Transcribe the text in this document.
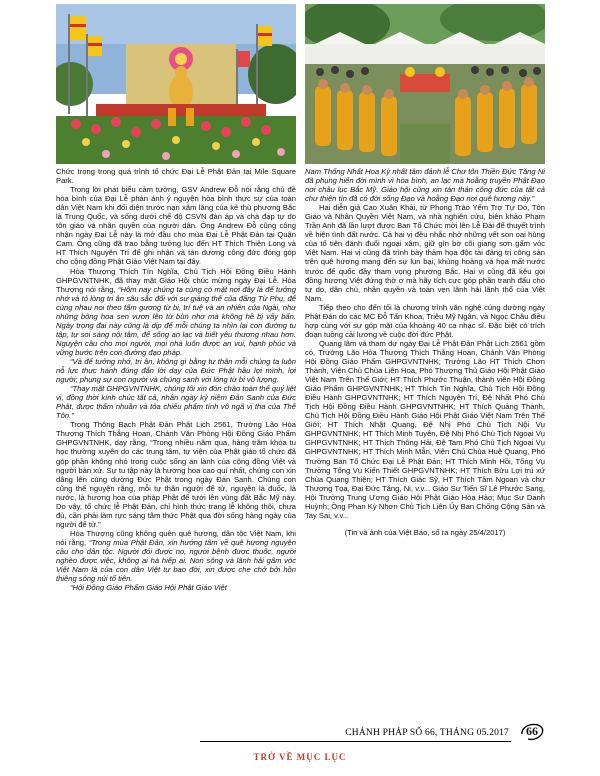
Chức trọng trong quá trình tổ chức Đại Lễ Phật Đản tại Mile Square Park.

Trong lời phát biểu cảm tưởng, GSV Andrew Đỗ nói rằng chủ đề hòa bình của Đại Lễ phản ánh ý nguyện hòa bình thực sự của toàn dân Việt Nam khi đối diện trước nạn xâm lăng của kẻ thù phương Bắc là Trung Quốc, và sống dưới chế độ CSVN đàn áp và chà đạp tự do tôn giáo và nhân quyền của người dân. Ông Andrew Đỗ cũng công nhận ngày Đại Lễ này là mở đầu cho mùa Đại Lễ Phật Đản tại Quận Cam. Ông cũng đã trao bằng tưởng lục đến HT Thích Thiện Long và HT Thích Nguyên Trí để ghi nhận và tán dương công đức đóng góp cho cộng đồng Phật Giáo Việt Nam tại đây.

Hòa Thượng Thích Tín Nghĩa, Chủ Tịch Hội Đồng Điều Hành GHPGVNTNHK, đã thay mặt Giáo Hội chúc mừng ngày Đại Lễ. Hòa Thượng nói rằng, “Hôm nay chúng ta cùng có mặt nơi đây là để tưởng nhớ và tỏ lòng tri ân sâu sắc đối với sự giáng thế của đấng Từ Phụ, để cùng nhau noi theo tấm gương từ bi, trí tuệ và an nhiên của Ngài, như những bông hoa sen vươn lên từ bùn nhơ mà không hề bị vấy bẩn. Ngày trọng đại này cũng là dịp để mỗi chúng ta nhìn lại con đường tu tập, tự soi sáng nội tâm, để sống an lạc và biết yêu thương nhau hơn. Nguyện cầu cho mọi người, mọi nhà luôn được an vui, hạnh phúc và vững bước trên con đường đạo pháp.

“Và để tưởng nhớ, tri ân, không gì bằng tư thân mỗi chúng ta luôn nỗ lực thực hành đúng đắn lời dạy của Đức Phật hầu lợi mình, lợi người; phụng sự con người và chúng sanh với lòng từ bi vô lượng.

“Thay mặt GHPGVNTNHK, chúng tôi xin đón chào toàn thể quý liệt vị, đồng thời kính chúc tất cả, nhân ngày kỷ niệm Đản Sanh của Đức Phật, được thấm nhuần và tỏa chiếu phẩm tính vô ngã vị tha của Thế Tôn.”

Trong Thông Bạch Phật Đản Phật Lịch 2561, Trưởng Lão Hòa Thượng Thích Thắng Hoan, Chánh Văn Phòng Hội Đồng Giáo Phẩm GHPGVNTNHK, dạy rằng, “Trong nhiều năm qua, hàng trăm khóa tu học thường xuyên do các trung tâm, tự viện của Phật giáo tổ chức đã góp phần không nhỏ trong cuộc sống an lành của cộng đồng Việt và người bản xứ. Sự tu tập này là hương hoa cao quí nhất, chúng con xin dâng lên cúng dường Đức Phật trong ngày Đản Sanh. Chúng con cũng thể nguyện rằng, mỗi tự thân người để tử, nguyện là đuốc, là nước, là hương hoa của pháp Phật để tưới lên vùng đất Bắc Mỹ này. Do vậy, tổ chức lễ Phật Đản, chỉ hình thức trang lễ không thôi, chưa đủ, cần phải làm rực sáng tâm thức Phật qua đời sống hàng ngày của người để tử.”

Hòa Thượng cũng không quên quê hương, dân tộc Việt Nam, khi nói rằng, “Trong mùa Phật Đản, xin hướng tâm về quê hương nguyện cầu cho dân tộc. Người đói được no, người bệnh được thuốc, người nghèo được việc, không ai hà hiếp ai. Non sông và lãnh hải gấm vóc Việt Nam là của con dân Việt tự bao đời, xin được che chở bởi hồn thiêng sông núi tổ tiên.

“Hội Đồng Giáo Phẩm Giáo Hội Phật Giáo Việt

Nam Thống Nhất Hoa Kỳ nhất tâm đảnh lễ Chư tôn Thiền Đức Tăng Ni đã phụng hiến đời mình vì hòa bình, an lạc mà hoằng truyền Phật Đạo nơi châu lục Bắc Mỹ. Giáo hội cũng xin tán thán công đức của tất cả chư thiện tín đã có đời sống Đạo và hoằng Đạo nơi quê hương này.”

Hai diễn giả Cao Xuân Khải, từ Phong Trào Yểm Trợ Tự Do, Tôn Giáo và Nhân Quyền Việt Nam, và nhà nghiên cứu, biên khảo Phạm Trần Anh đã lần lượt được Ban Tổ Chức mời lên Lễ Đài để thuyết trình về hiện tình đất nước. Cả hai vị đều nhắc nhở những vết son oai hùng của tổ tiên đánh đuổi ngoại xâm, giữ gìn bờ cõi giang sơn gấm vóc Việt Nam. Hai vị cũng đã trình bày thảm họa độc tài đảng trị công sản trên quê hương mang đến sự lụn bại, khủng hoảng và họa mất nước trước để quốc đầy tham vọng phương Bắc. Hai vị cũng đã kêu gọi đồng hương Việt đứng thờ ơ mà hãy tích cực góp phần tranh đấu cho tự do, dân chủ, nhân quyền và toàn vẹn lãnh hải lãnh thổ của Việt Nam.

Tiếp theo cho đến tối là chương trình văn nghệ cúng dường ngày Phật Đản do các MC Đỗ Tấn Khoa, Triệu Mỹ Ngân, và Ngọc Châu điều hợp cùng với sự góp mặt của khoảng 40 ca nhạc sĩ. Đặc biệt có trích đoạn tuồng cải lương về cuộc đời đức Phật.

Quang lâm và tham dự ngày Đại Lễ Phật Đản Phật Lịch 2561 gồm có, Trưởng Lão Hòa Thượng Thích Thắng Hoan, Chánh Văn Phòng Hội Đồng Giáo Phẩm GHPGVNTNHK; Trưởng Lão HT Thích Chơn Thành, Viện Chủ Chùa Liên Hoa, Phó Thượng Thủ Giáo Hội Phật Giáo Việt Nam Trên Thế Giới; HT Thích Phước Thuận, thành viên Hội Đồng Giáo Phẩm GHPGVNTNHK; HT Thích Tín Nghĩa, Chủ Tịch Hội Đồng Điều Hành GHPGVNTNHK; HT Thích Nguyên Trí, Đệ Nhất Phó Chủ Tịch Hội Đồng Điều Hành GHPGVNTNHK; HT Thích Quảng Thanh, Chủ Tịch Hội Đồng Điều Hành Giáo Hội Phật Giáo Việt Nam Trên Thế Giới; HT Thích Nhật Quang, Đệ Nhị Phó Chủ Tịch Nội Vụ GHPGVNTNHK; HT Thích Minh Tuyên, Đệ Nhị Phó Chủ Tịch Ngoại Vụ GHPGVNTNHK; HT Thích Thông Hải, Đệ Tam Phó Chủ Tịch Ngoại Vụ GHPGVNTNHK; HT Thích Minh Mẫn, Viện Chủ Chùa Huệ Quang, Phó Trưởng Ban Tổ Chức Đại Lễ Phật Đản; HT Thích Minh Hồi, Tổng Vụ Trưởng Tổng Vụ Kiến Thiết GHPGVNTNHK; HT Thích Bửu Lợi trú xứ Chùa Quang Thiện; HT Thích Giác Sỹ, HT Thích Tâm Ngoan và chư Thượng Tọa, Đại Đức Tăng, Ni, v.v... Giáo Sư Tiến Sĩ Lê Phước Sang, Hội Trưởng Trung Ương Giáo Hội Phật Giáo Hòa Hảo; Mục Sư Danh Huỳnh; Ông Phan Kỳ Nhơn Chủ Tịch Liên Ủy Ban Chống Cộng Sản và Tay Sai, v.v...

(Tin và ảnh của Việt Báo, số ra ngày 25/4/2017)

CHÁNH PHÁP SỐ 66, THÁNG 05.2017	66
TRỞ VỀ MỤC LỤC
